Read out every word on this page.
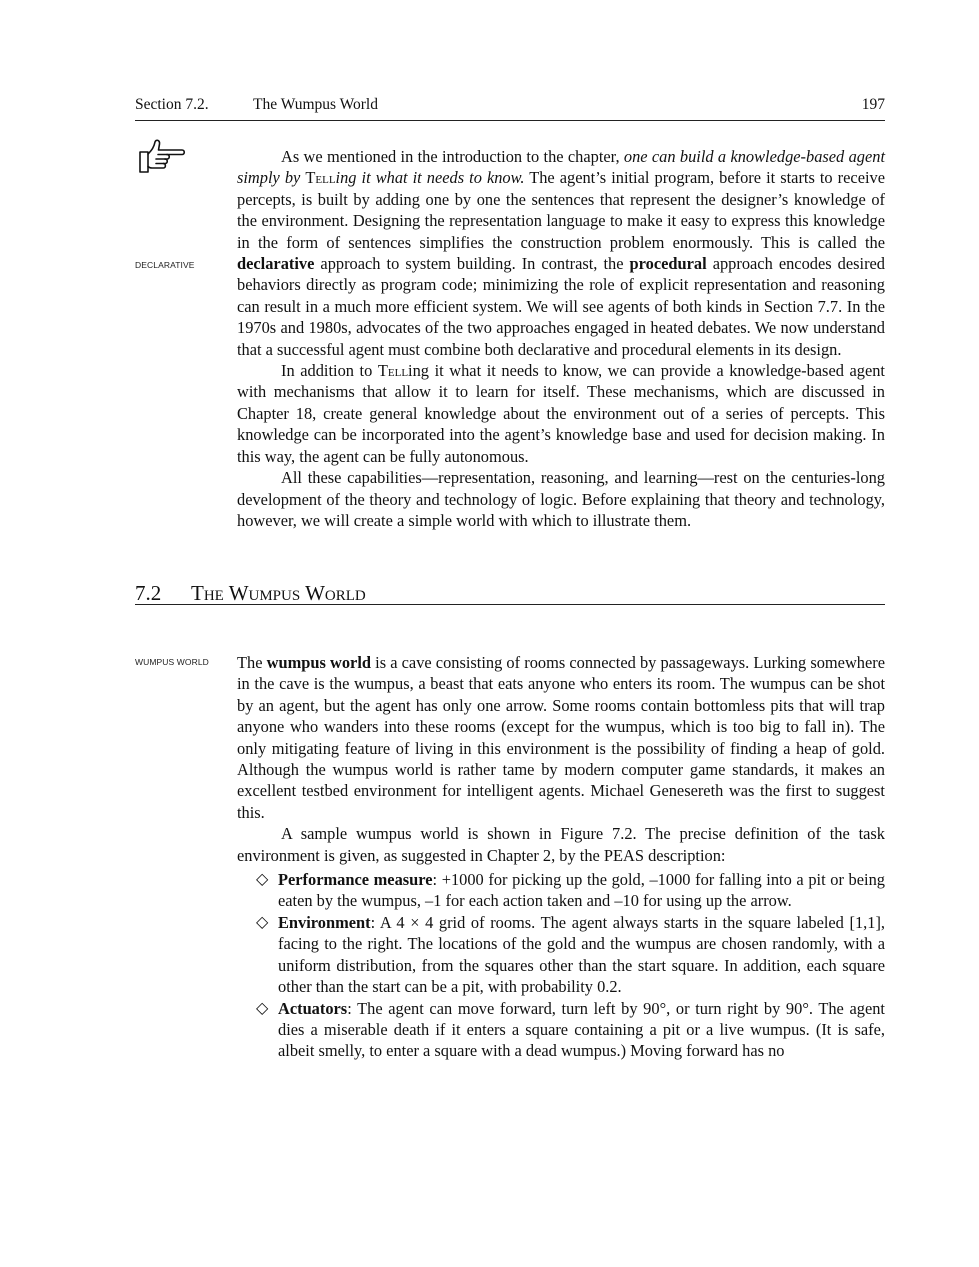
Section 7.2.	The Wumpus World	197
DECLARATIVE
WUMPUS WORLD

As we mentioned in the introduction to the chapter, one can build a knowledge-based agent simply by Telling it what it needs to know. The agent’s initial program, before it starts to receive percepts, is built by adding one by one the sentences that represent the designer’s knowledge of the environment. Designing the representation language to make it easy to express this knowledge in the form of sentences simplifies the construction problem enormously. This is called the declarative approach to system building. In contrast, the procedural approach encodes desired behaviors directly as program code; minimizing the role of explicit representation and reasoning can result in a much more efficient system. We will see agents of both kinds in Section 7.7. In the 1970s and 1980s, advocates of the two approaches engaged in heated debates. We now understand that a successful agent must combine both declarative and procedural elements in its design.

In addition to Telling it what it needs to know, we can provide a knowledge-based agent with mechanisms that allow it to learn for itself. These mechanisms, which are discussed in Chapter 18, create general knowledge about the environment out of a series of percepts. This knowledge can be incorporated into the agent’s knowledge base and used for decision making. In this way, the agent can be fully autonomous.

All these capabilities—representation, reasoning, and learning—rest on the centuries-long development of the theory and technology of logic. Before explaining that theory and technology, however, we will create a simple world with which to illustrate them.

7.2 The Wumpus World

The wumpus world is a cave consisting of rooms connected by passageways. Lurking somewhere in the cave is the wumpus, a beast that eats anyone who enters its room. The wumpus can be shot by an agent, but the agent has only one arrow. Some rooms contain bottomless pits that will trap anyone who wanders into these rooms (except for the wumpus, which is too big to fall in). The only mitigating feature of living in this environment is the possibility of finding a heap of gold. Although the wumpus world is rather tame by modern computer game standards, it makes an excellent testbed environment for intelligent agents. Michael Genesereth was the first to suggest this.

A sample wumpus world is shown in Figure 7.2. The precise definition of the task environment is given, as suggested in Chapter 2, by the PEAS description:

◇ Performance measure: +1000 for picking up the gold, –1000 for falling into a pit or being eaten by the wumpus, –1 for each action taken and –10 for using up the arrow.
◇ Environment: A 4 × 4 grid of rooms. The agent always starts in the square labeled [1,1], facing to the right. The locations of the gold and the wumpus are chosen randomly, with a uniform distribution, from the squares other than the start square. In addition, each square other than the start can be a pit, with probability 0.2.
◇ Actuators: The agent can move forward, turn left by 90°, or turn right by 90°. The agent dies a miserable death if it enters a square containing a pit or a live wumpus. (It is safe, albeit smelly, to enter a square with a dead wumpus.) Moving forward has no
